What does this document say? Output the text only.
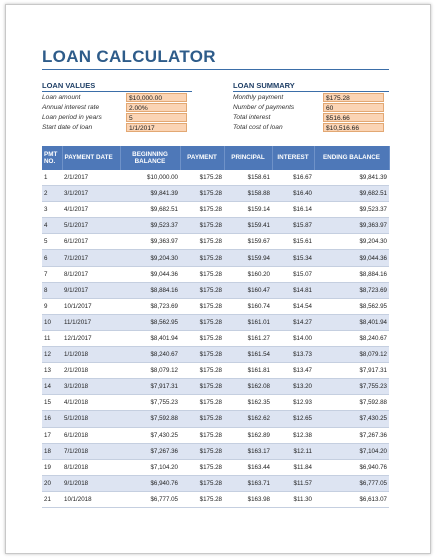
LOAN CALCULATOR
LOAN VALUES
Loan amount	$10,000.00
Annual interest rate	2.00%
Loan period in years	5
Start date of loan	1/1/2017
LOAN SUMMARY
Monthly payment	$175.28
Number of payments	60
Total interest	$516.66
Total cost of loan	$10,516.66
PMT NO.	PAYMENT DATE	BEGINNING BALANCE	PAYMENT	PRINCIPAL	INTEREST	ENDING BALANCE
1	2/1/2017	$10,000.00	$175.28	$158.61	$16.67	$9,841.39
2	3/1/2017	$9,841.39	$175.28	$158.88	$16.40	$9,682.51
3	4/1/2017	$9,682.51	$175.28	$159.14	$16.14	$9,523.37
4	5/1/2017	$9,523.37	$175.28	$159.41	$15.87	$9,363.97
5	6/1/2017	$9,363.97	$175.28	$159.67	$15.61	$9,204.30
6	7/1/2017	$9,204.30	$175.28	$159.94	$15.34	$9,044.36
7	8/1/2017	$9,044.36	$175.28	$160.20	$15.07	$8,884.16
8	9/1/2017	$8,884.16	$175.28	$160.47	$14.81	$8,723.69
9	10/1/2017	$8,723.69	$175.28	$160.74	$14.54	$8,562.95
10	11/1/2017	$8,562.95	$175.28	$161.01	$14.27	$8,401.94
11	12/1/2017	$8,401.94	$175.28	$161.27	$14.00	$8,240.67
12	1/1/2018	$8,240.67	$175.28	$161.54	$13.73	$8,079.12
13	2/1/2018	$8,079.12	$175.28	$161.81	$13.47	$7,917.31
14	3/1/2018	$7,917.31	$175.28	$162.08	$13.20	$7,755.23
15	4/1/2018	$7,755.23	$175.28	$162.35	$12.93	$7,592.88
16	5/1/2018	$7,592.88	$175.28	$162.62	$12.65	$7,430.25
17	6/1/2018	$7,430.25	$175.28	$162.89	$12.38	$7,267.36
18	7/1/2018	$7,267.36	$175.28	$163.17	$12.11	$7,104.20
19	8/1/2018	$7,104.20	$175.28	$163.44	$11.84	$6,940.76
20	9/1/2018	$6,940.76	$175.28	$163.71	$11.57	$6,777.05
21	10/1/2018	$6,777.05	$175.28	$163.98	$11.30	$6,613.07
